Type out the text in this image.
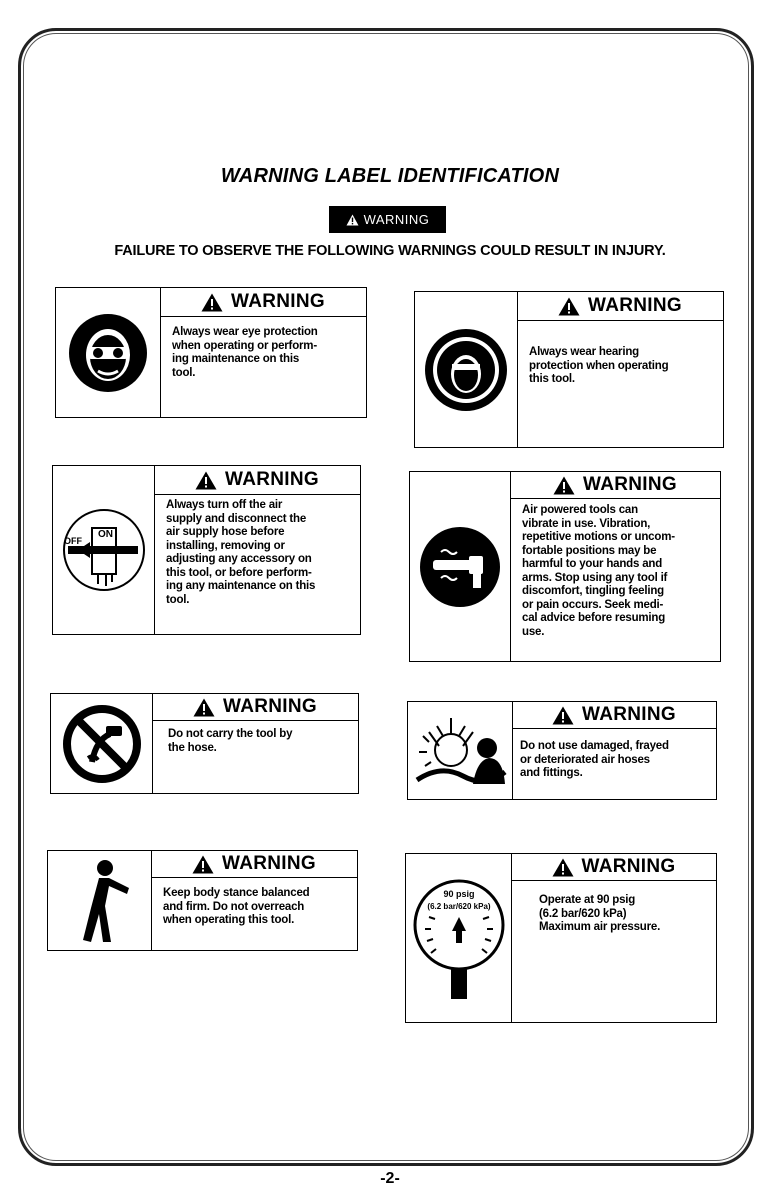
WARNING LABEL IDENTIFICATION
WARNING
FAILURE TO OBSERVE THE FOLLOWING WARNINGS COULD RESULT IN INJURY.
WARNING
Always wear eye protection
when operating or perform-
ing maintenance on this
tool.
WARNING
Always wear hearing
protection when operating
this tool.
ON
OFF
WARNING
Always turn off the air
supply and disconnect the
air supply hose before
installing, removing or
adjusting any accessory on
this tool, or before perform-
ing any maintenance on this
tool.
WARNING
Air powered tools can
vibrate in use. Vibration,
repetitive motions or uncom-
fortable positions may be
harmful to your hands and
arms. Stop using any tool if
discomfort, tingling feeling
or pain occurs. Seek medi-
cal advice before resuming
use.
WARNING
Do not carry the tool by
the hose.
WARNING
Do not use damaged, frayed
or deteriorated air hoses
and fittings.
WARNING
Keep body stance balanced
and firm. Do not overreach
when operating this tool.
90 psig
(6.2 bar/620 kPa)
WARNING
Operate at 90 psig
(6.2 bar/620 kPa)
Maximum air pressure.
-2-
